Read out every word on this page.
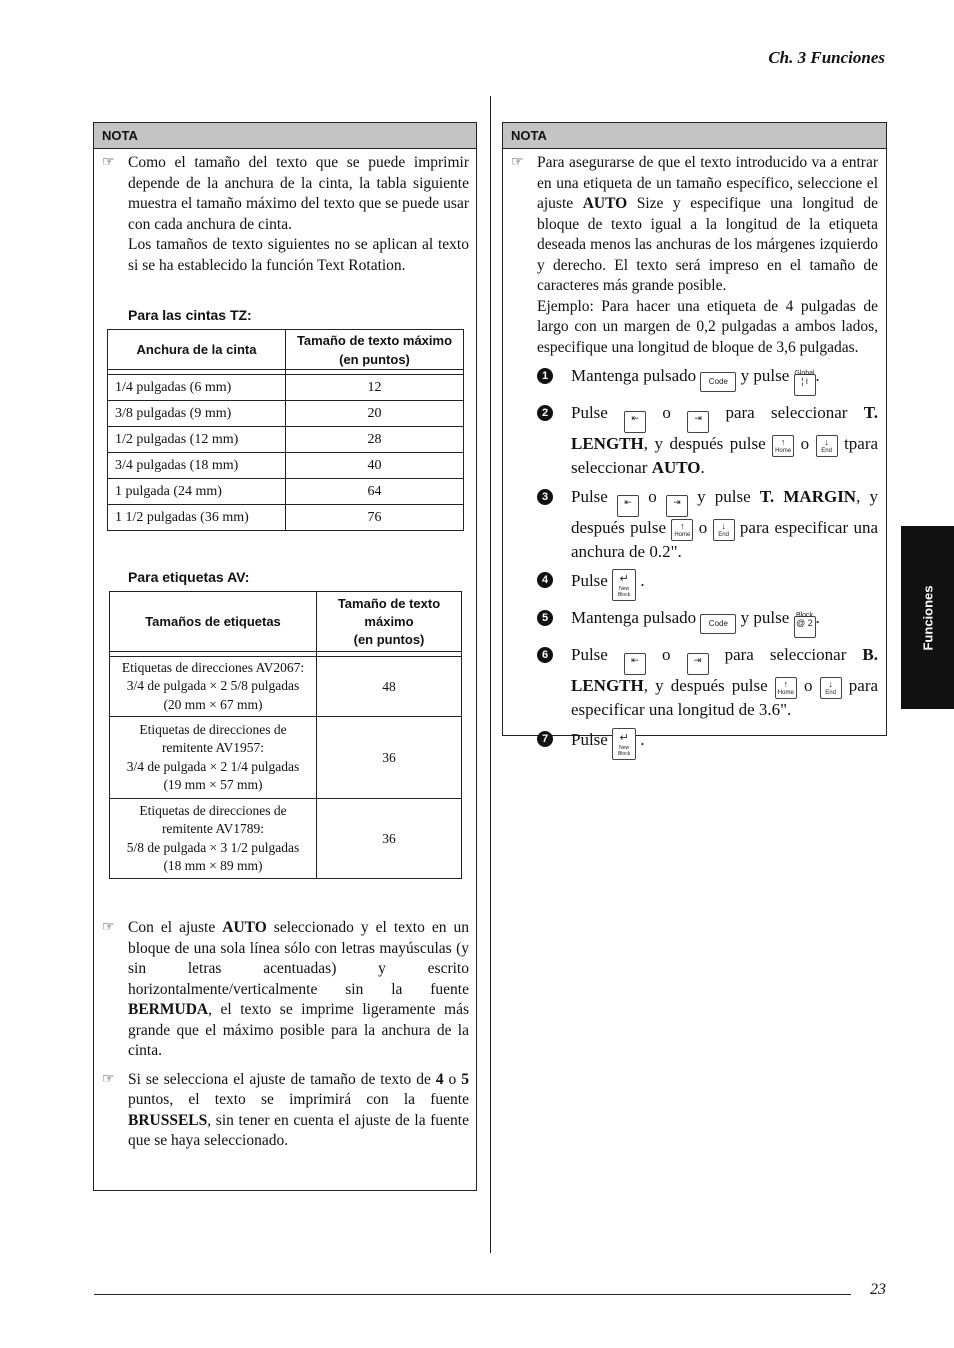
Ch. 3 Funciones
Funciones
NOTA
☞ Como el tamaño del texto que se puede imprimir depende de la anchura de la cinta, la tabla siguiente muestra el tamaño máximo del texto que se puede usar con cada anchura de cinta.

Los tamaños de texto siguientes no se aplican al texto si se ha establecido la función Text Rotation.

Para las cintas TZ:
Anchura de la cinta	Tamaño de texto máximo
(en puntos)

1/4 pulgadas (6 mm)	12
3/8 pulgadas (9 mm)	20
1/2 pulgadas (12 mm)	28
3/4 pulgadas (18 mm)	40
1 pulgada (24 mm)	64
1 1/2 pulgadas (36 mm)	76
Para etiquetas AV:
Tamaños de etiquetas	Tamaño de texto
máximo
(en puntos)

Etiquetas de direcciones AV2067:
3/4 de pulgada × 2 5/8 pulgadas
(20 mm × 67 mm)	48
Etiquetas de direcciones de
remitente AV1957:
3/4 de pulgada × 2 1/4 pulgadas
(19 mm × 57 mm)	36
Etiquetas de direcciones de
remitente AV1789:
5/8 de pulgada × 3 1/2 pulgadas
(18 mm × 89 mm)	36
☞ Con el ajuste AUTO seleccionado y el texto en un bloque de una sola línea sólo con letras mayúsculas (y sin letras acentuadas) y escrito horizontalmente/verticalmente sin la fuente BERMUDA, el texto se imprime ligeramente más grande que el máximo posible para la anchura de la cinta.

☞ Si se selecciona el ajuste de tamaño de texto de 4 o 5 puntos, el texto se imprimirá con la fuente BRUSSELS, sin tener en cuenta el ajuste de la fuente que se haya seleccionado.

NOTA
☞ Para asegurarse de que el texto introducido va a entrar en una etiqueta de un tamaño específico, seleccione el ajuste AUTO Size y especifique una longitud de bloque de texto igual a la longitud de la etiqueta deseada menos las anchuras de los márgenes izquierdo y derecho. El texto será impreso en el tamaño de caracteres más grande posible.

Ejemplo: Para hacer una etiqueta de 4 pulgadas de largo con un margen de 0,2 pulgadas a ambos lados, especifique una longitud de bloque de 3,6 pulgadas.

1 Mantenga pulsado Code y pulse Global
¦ i .
2 Pulse	⇤	o	⇥	para seleccionar T. LENGTH, y después pulse	↑
Home o	↓
End tpara seleccionar AUTO.
3 Pulse	⇤ o	⇥ y pulse T. MARGIN, y después pulse	↑
Home o	↓
End para especificar una anchura de 0.2".
4 Pulse	↵
New Block
.
5 Mantenga pulsado Code y pulse Block
@ 2 .
6 Pulse	⇤	o	⇥	para seleccionar B. LENGTH, y después pulse	↑
Home o	↓
End para especificar una longitud de 3.6".
7 Pulse	↵
New Block
.
23
